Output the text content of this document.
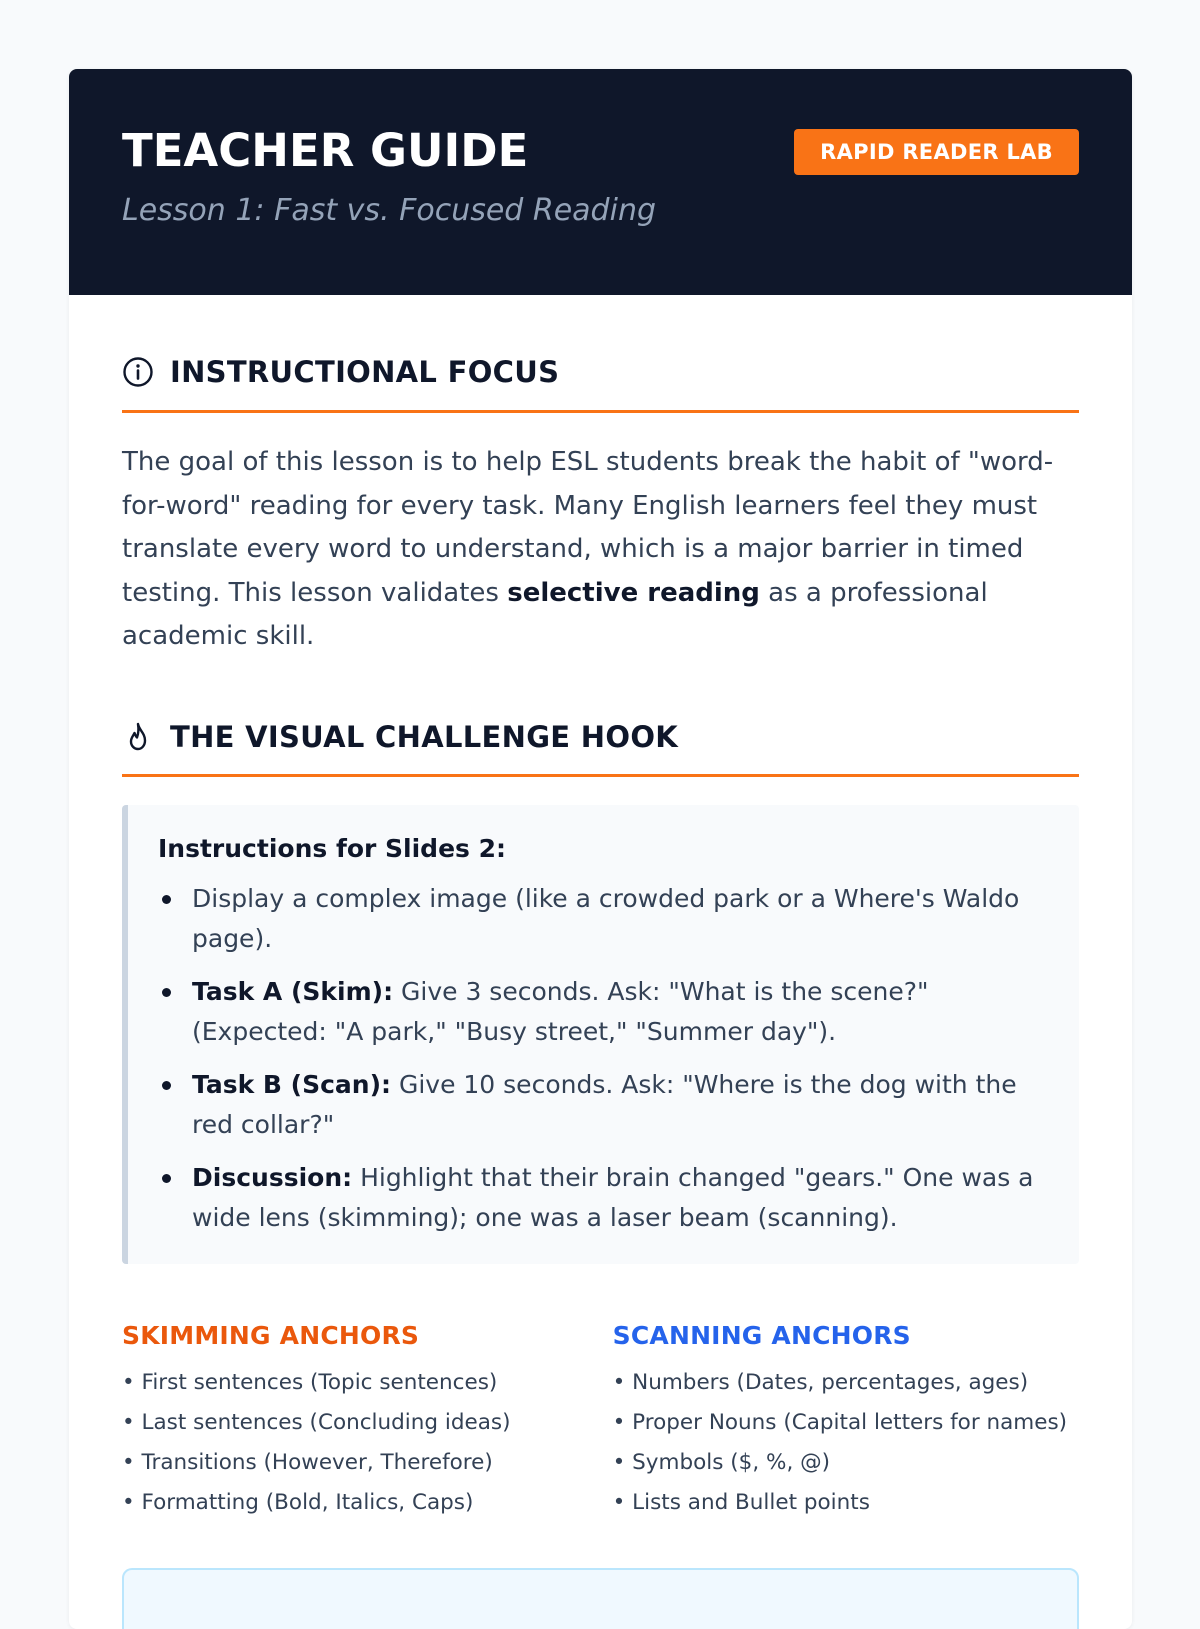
TEACHER GUIDE
Lesson 1: Fast vs. Focused Reading
RAPID READER LAB
INSTRUCTIONAL FOCUS

The goal of this lesson is to help ESL students break the habit of "word-for-word" reading for every task. Many English learners feel they must translate every word to understand, which is a major barrier in timed testing. This lesson validates selective reading as a professional academic skill.

THE VISUAL CHALLENGE HOOK
Instructions for Slides 2:
Display a complex image (like a crowded park or a Where's Waldo page).
Task A (Skim): Give 3 seconds. Ask: "What is the scene?" (Expected: "A park," "Busy street," "Summer day").
Task B (Scan): Give 10 seconds. Ask: "Where is the dog with the red collar?"
Discussion: Highlight that their brain changed "gears." One was a wide lens (skimming); one was a laser beam (scanning).
SKIMMING ANCHORS
• First sentences (Topic sentences)
• Last sentences (Concluding ideas)
• Transitions (However, Therefore)
• Formatting (Bold, Italics, Caps)
SCANNING ANCHORS
• Numbers (Dates, percentages, ages)
• Proper Nouns (Capital letters for names)
• Symbols ($, %, @)
• Lists and Bullet points
